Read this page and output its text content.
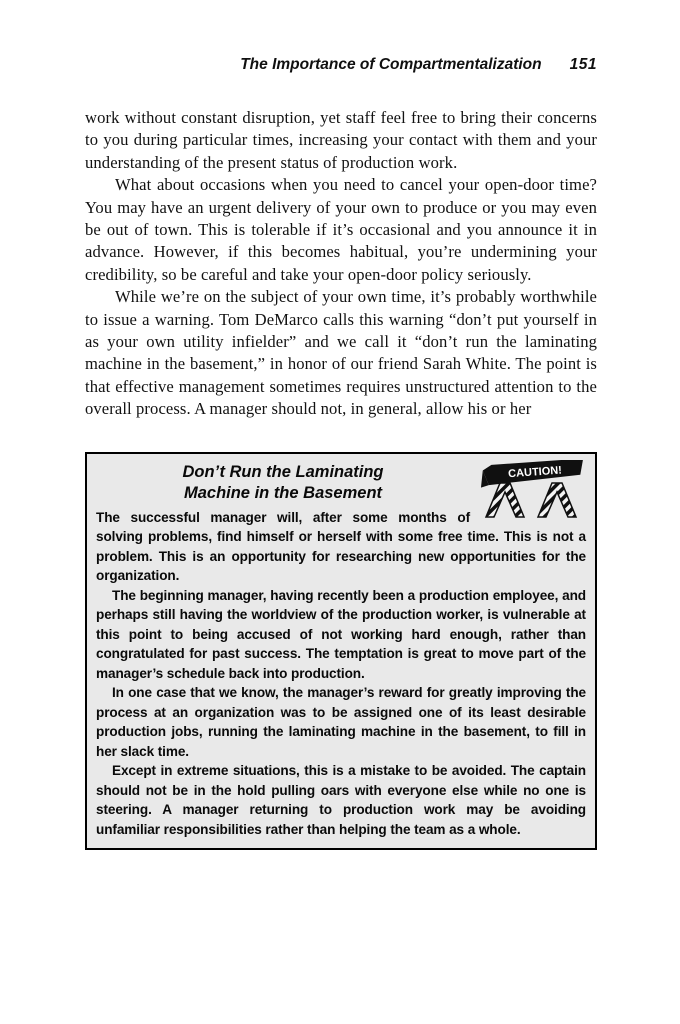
The Importance of Compartmentalization 151

work without constant disruption, yet staff feel free to bring their concerns to you during particular times, increasing your contact with them and your understanding of the present status of production work.

What about occasions when you need to cancel your open-door time? You may have an urgent delivery of your own to produce or you may even be out of town. This is tolerable if it’s occasional and you announce it in advance. However, if this becomes habitual, you’re undermining your credibility, so be careful and take your open-door policy seriously.

While we’re on the subject of your own time, it’s probably worthwhile to issue a warning. Tom DeMarco calls this warning “don’t put yourself in as your own utility infielder” and we call it “don’t run the laminating machine in the basement,” in honor of our friend Sarah White. The point is that effective management sometimes requires unstructured attention to the overall process. A manager should not, in general, allow his or her

CAUTION!
Don’t Run the Laminating
Machine in the Basement

The successful manager will, after some months of solving problems, find himself or herself with some free time. This is not a problem. This is an opportunity for researching new opportunities for the organization.

The beginning manager, having recently been a production employee, and perhaps still having the worldview of the production worker, is vulnerable at this point to being accused of not working hard enough, rather than congratulated for past success. The temptation is great to move part of the manager’s schedule back into production.

In one case that we know, the manager’s reward for greatly improving the process at an organization was to be assigned one of its least desirable production jobs, running the laminating machine in the basement, to fill in her slack time.

Except in extreme situations, this is a mistake to be avoided. The captain should not be in the hold pulling oars with everyone else while no one is steering. A manager returning to production work may be avoiding unfamiliar responsibilities rather than helping the team as a whole.
